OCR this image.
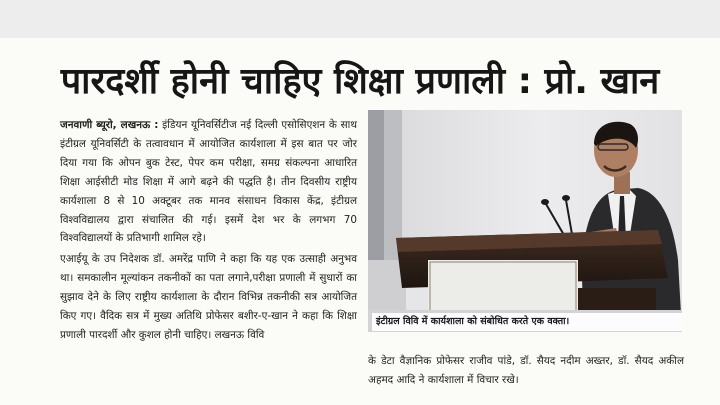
पारदर्शी होनी चाहिए शिक्षा प्रणाली : प्रो. खान

जनवाणी ब्यूरो, लखनऊ : इंडियन यूनिवर्सिटीज नई दिल्ली एसोसिएशन के साथ इंटीग्रल यूनिवर्सिटी के तत्वावधान में आयोजित कार्यशाला में इस बात पर जोर दिया गया कि ओपन बुक टेस्ट, पेपर कम परीक्षा, समग्र संकल्पना आधारित शिक्षा आईसीटी मोड शिक्षा में आगे बढ़ने की पद्धति है। तीन दिवसीय राष्ट्रीय कार्यशाला 8 से 10 अक्टूबर तक मानव संसाधन विकास केंद्र, इंटीग्रल विश्वविद्यालय द्वारा संचालित की गई। इसमें देश भर के लगभग 70 विश्वविद्यालयों के प्रतिभागी शामिल रहे।

एआईयू के उप निदेशक डॉ. अमरेंद्र पाणि ने कहा कि यह एक उत्साही अनुभव था। समकालीन मूल्यांकन तकनीकों का पता लगाने,परीक्षा प्रणाली में सुधारों का सुझाव देने के लिए राष्ट्रीय कार्यशाला के दौरान विभिन्न तकनीकी सत्र आयोजित किए गए। वैदिक सत्र में मुख्य अतिथि प्रोफेसर बशीर-ए-खान ने कहा कि शिक्षा प्रणाली पारदर्शी और कुशल होनी चाहिए। लखनऊ विवि

इंटीग्रल विवि में कार्यशाला को संबोधित करते एक वक्ता।

के डेटा वैज्ञानिक प्रोफेसर राजीव पांडे, डॉ. सैयद नदीम अख्तर, डॉ. सैयद अकील अहमद आदि ने कार्यशाला में विचार रखे।
